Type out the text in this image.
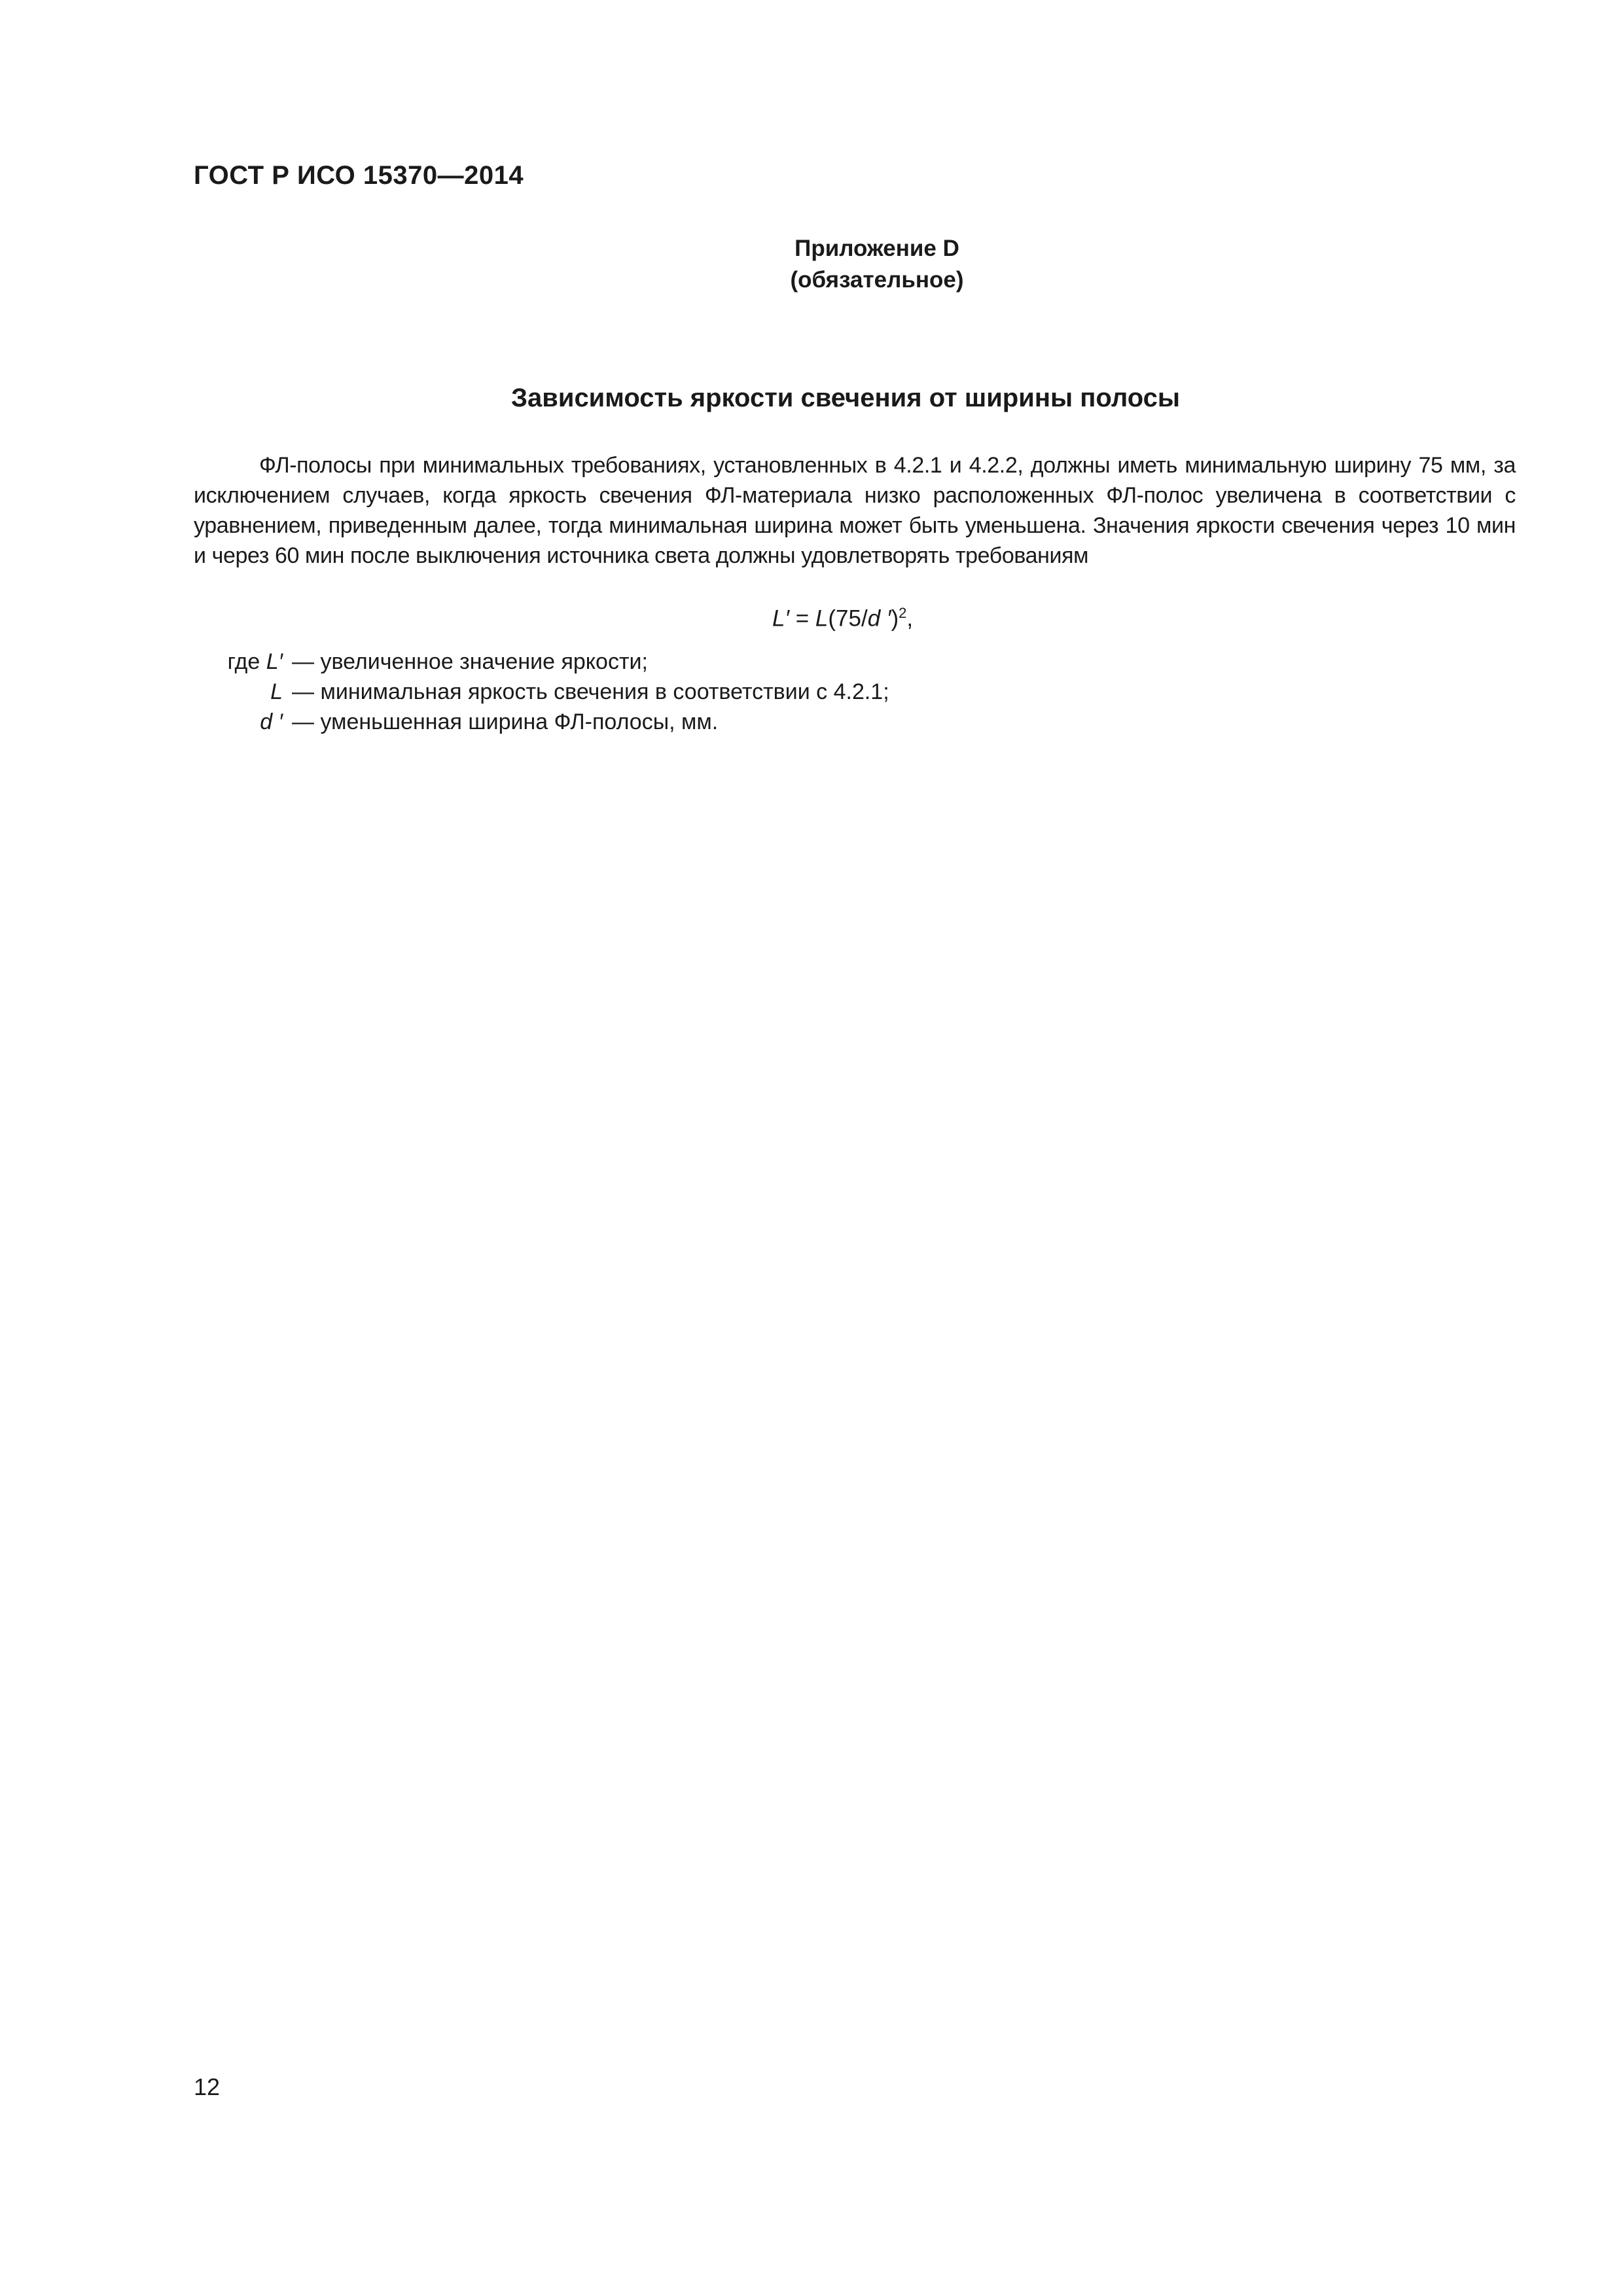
ГОСТ Р ИСО 15370—2014
Приложение D
(обязательное)
Зависимость яркости свечения от ширины полосы
ФЛ-полосы при минимальных требованиях, установленных в 4.2.1 и 4.2.2, должны иметь минимальную ширину 75 мм, за исключением случаев, когда яркость свечения ФЛ-материала низко расположенных ФЛ-полос увеличена в соответствии с уравнением, приведенным далее, тогда минимальная ширина может быть уменьшена. Значения яркости свечения через 10 мин и через 60 мин после выключения источника света должны удовлетворять требованиям
L′ = L(75/d ′)$^2$,
где L′ — увеличенное значение яркости;
L — минимальная яркость свечения в соответствии с 4.2.1;
d ′ — уменьшенная ширина ФЛ-полосы, мм.
12
